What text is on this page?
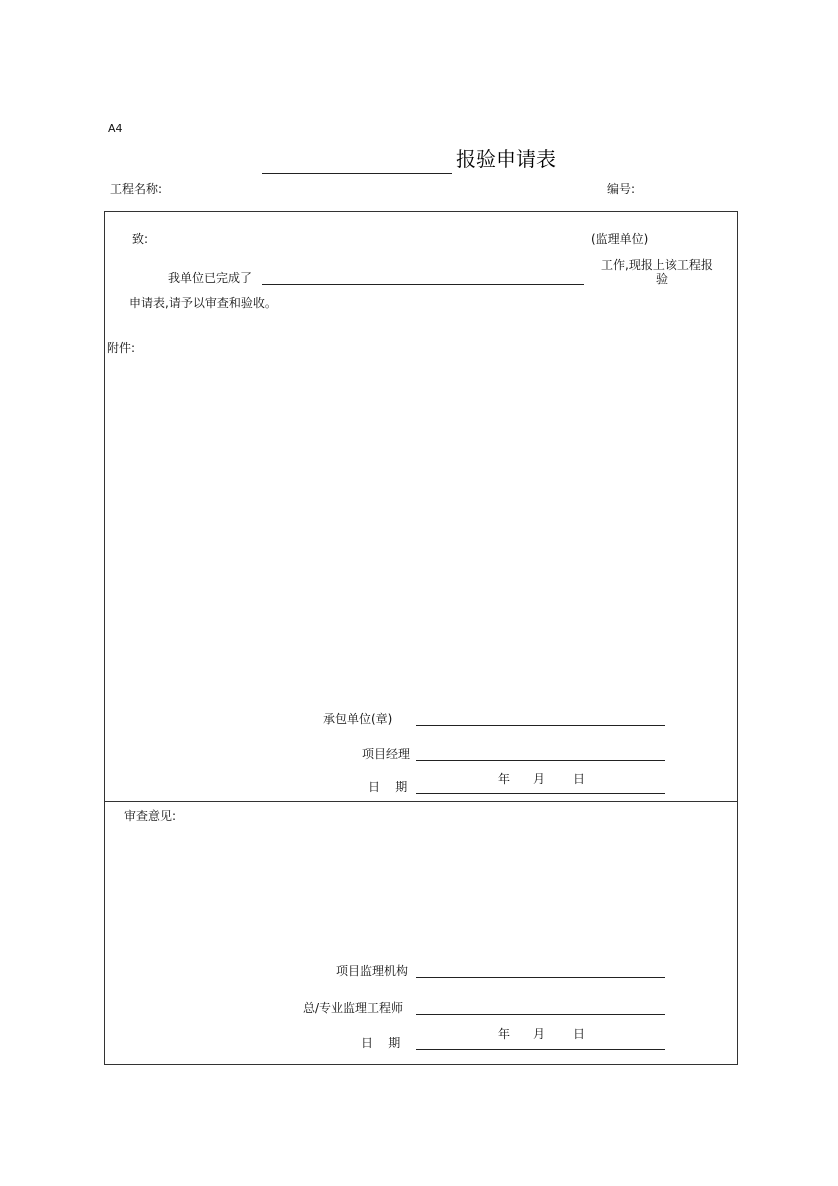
A4
报验申请表
工程名称:	编号:
致:	(监理单位)
我单位已完成了
工作,现报上该工程报
验
申请表,请予以审查和验收。
附件:
承包单位(章)
项目经理
日    期
年 月 日
审查意见:
项目监理机构
总/专业监理工程师
日    期
年 月 日
